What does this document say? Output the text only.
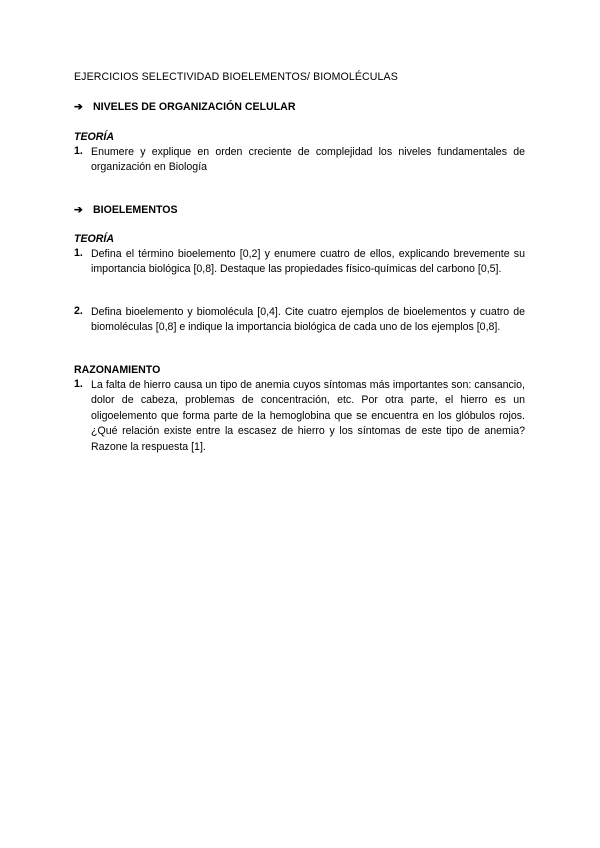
EJERCICIOS SELECTIVIDAD BIOELEMENTOS/ BIOMOLÉCULAS
➔ NIVELES DE ORGANIZACIÓN CELULAR
TEORÍA
1. Enumere y explique en orden creciente de complejidad los niveles fundamentales de organización en Biología
➔ BIOELEMENTOS
TEORÍA
1. Defina el término bioelemento [0,2] y enumere cuatro de ellos, explicando brevemente su importancia biológica [0,8]. Destaque las propiedades físico-químicas del carbono [0,5].
2. Defina bioelemento y biomolécula [0,4]. Cite cuatro ejemplos de bioelementos y cuatro de biomoléculas [0,8] e indique la importancia biológica de cada uno de los ejemplos [0,8].
RAZONAMIENTO
1. La falta de hierro causa un tipo de anemia cuyos síntomas más importantes son: cansancio, dolor de cabeza, problemas de concentración, etc. Por otra parte, el hierro es un oligoelemento que forma parte de la hemoglobina que se encuentra en los glóbulos rojos. ¿Qué relación existe entre la escasez de hierro y los síntomas de este tipo de anemia? Razone la respuesta [1].
